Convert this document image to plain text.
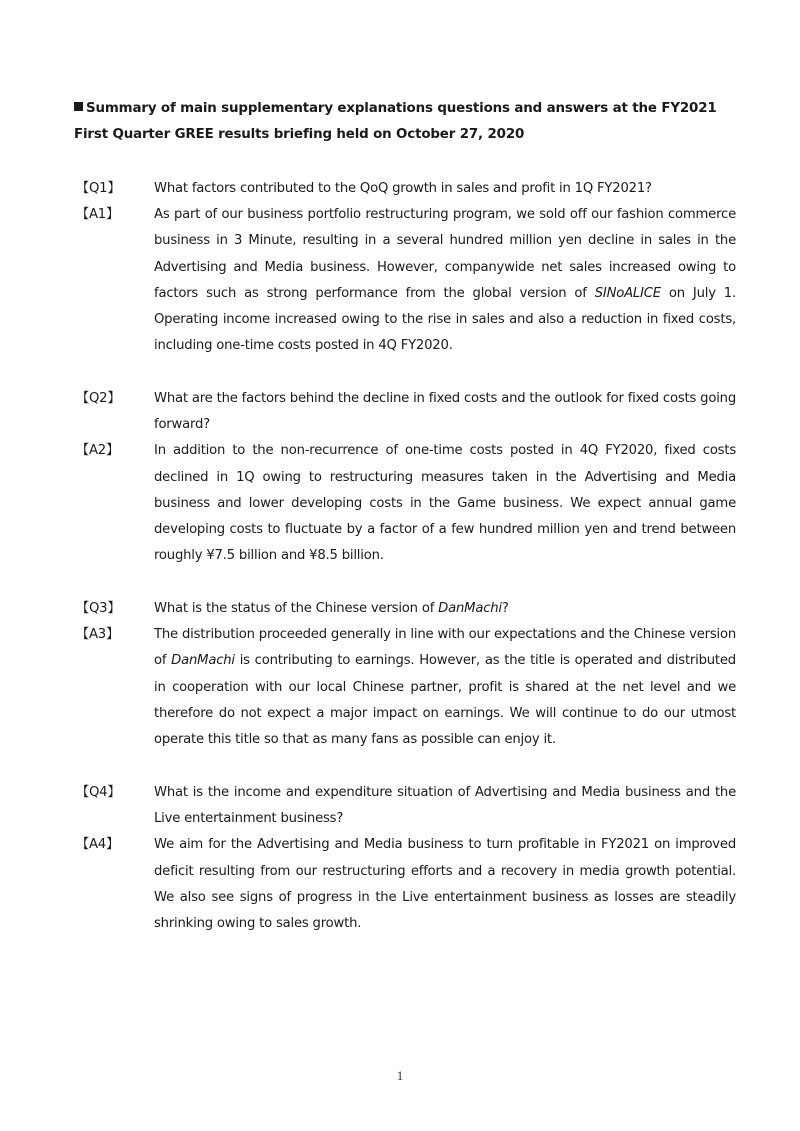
Summary of main supplementary explanations questions and answers at the FY2021 First Quarter GREE results briefing held on October 27, 2020
【Q1】	What factors contributed to the QoQ growth in sales and profit in 1Q FY2021?
【A1】	As part of our business portfolio restructuring program, we sold off our fashion commerce business in 3 Minute, resulting in a several hundred million yen decline in sales in the Advertising and Media business. However, companywide net sales increased owing to factors such as strong performance from the global version of SINoALICE on July 1. Operating income increased owing to the rise in sales and also a reduction in fixed costs, including one-time costs posted in 4Q FY2020.
【Q2】	What are the factors behind the decline in fixed costs and the outlook for fixed costs going forward?
【A2】	In addition to the non-recurrence of one-time costs posted in 4Q FY2020, fixed costs declined in 1Q owing to restructuring measures taken in the Advertising and Media business and lower developing costs in the Game business. We expect annual game developing costs to fluctuate by a factor of a few hundred million yen and trend between roughly ¥7.5 billion and ¥8.5 billion.
【Q3】	What is the status of the Chinese version of DanMachi?
【A3】	The distribution proceeded generally in line with our expectations and the Chinese version of DanMachi is contributing to earnings. However, as the title is operated and distributed in cooperation with our local Chinese partner, profit is shared at the net level and we therefore do not expect a major impact on earnings. We will continue to do our utmost operate this title so that as many fans as possible can enjoy it.
【Q4】	What is the income and expenditure situation of Advertising and Media business and the Live entertainment business?
【A4】	We aim for the Advertising and Media business to turn profitable in FY2021 on improved deficit resulting from our restructuring efforts and a recovery in media growth potential. We also see signs of progress in the Live entertainment business as losses are steadily shrinking owing to sales growth.
1
